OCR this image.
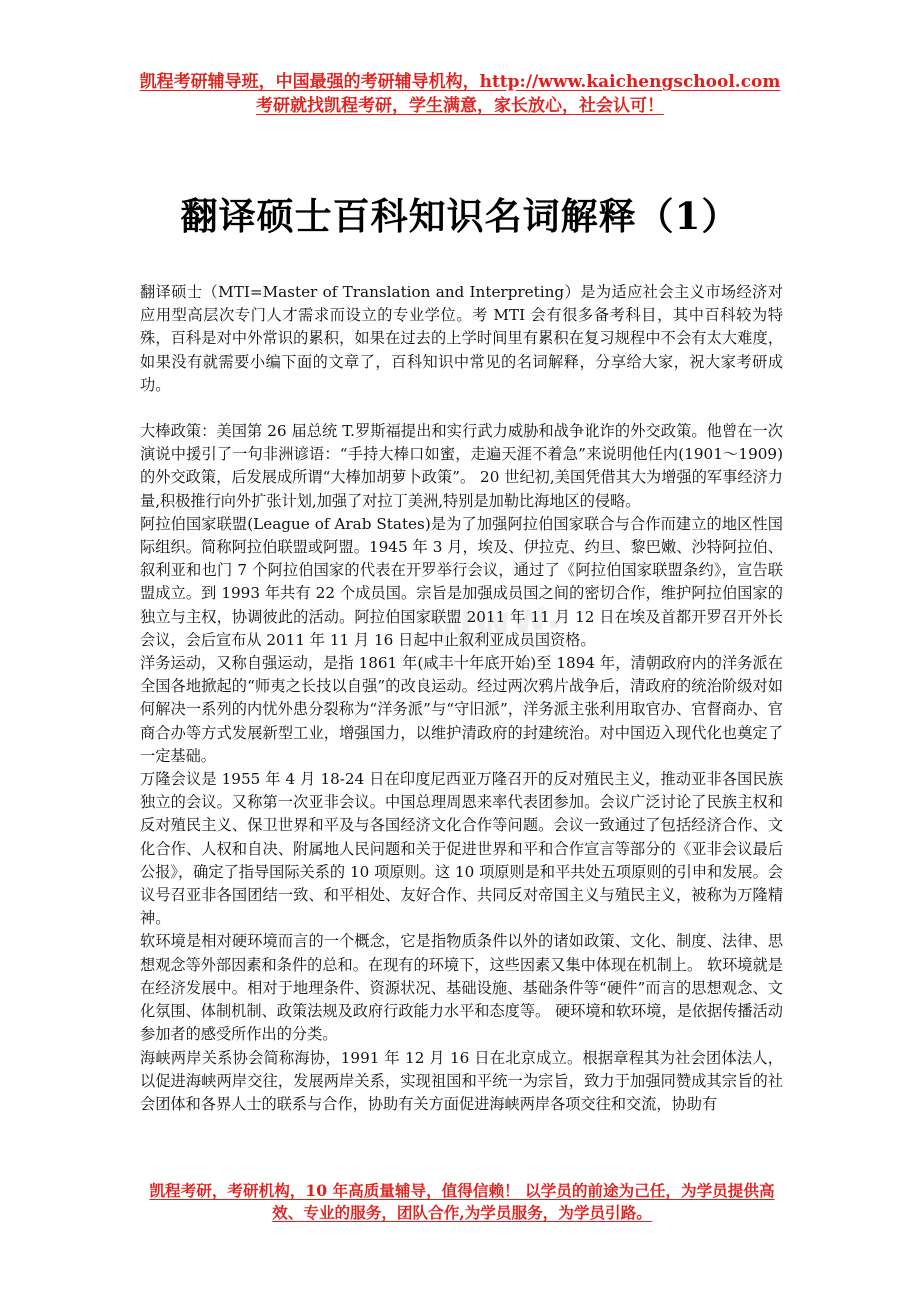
凯程考研辅导班，中国最强的考研辅导机构，http://www.kaichengschool.com
考研就找凯程考研，学生满意，家长放心，社会认可！
翻译硕士百科知识名词解释（1）
Www.

翻译硕士（MTI=Master of Translation and Interpreting）是为适应社会主义市场经济对应用型高层次专门人才需求而设立的专业学位。考 MTI 会有很多备考科目，其中百科较为特殊，百科是对中外常识的累积，如果在过去的上学时间里有累积在复习规程中不会有太大难度，如果没有就需要小编下面的文章了，百科知识中常见的名词解释，分享给大家，祝大家考研成功。

大棒政策：美国第 26 届总统 T.罗斯福提出和实行武力威胁和战争讹诈的外交政策。他曾在一次演说中援引了一句非洲谚语：“手持大棒口如蜜，走遍天涯不着急”来说明他任内(1901～1909)的外交政策，后发展成所谓“大棒加胡萝卜政策”。 20 世纪初,美国凭借其大为增强的军事经济力量,积极推行向外扩张计划,加强了对拉丁美洲,特别是加勒比海地区的侵略。

阿拉伯国家联盟(League of Arab States)是为了加强阿拉伯国家联合与合作而建立的地区性国际组织。简称阿拉伯联盟或阿盟。1945 年 3 月，埃及、伊拉克、约旦、黎巴嫩、沙特阿拉伯、叙利亚和也门 7 个阿拉伯国家的代表在开罗举行会议，通过了《阿拉伯国家联盟条约》，宣告联盟成立。到 1993 年共有 22 个成员国。宗旨是加强成员国之间的密切合作，维护阿拉伯国家的独立与主权，协调彼此的活动。阿拉伯国家联盟 2011 年 11 月 12 日在埃及首都开罗召开外长会议，会后宣布从 2011 年 11 月 16 日起中止叙利亚成员国资格。

洋务运动，又称自强运动，是指 1861 年(咸丰十年底开始)至 1894 年，清朝政府内的洋务派在全国各地掀起的“师夷之长技以自强”的改良运动。经过两次鸦片战争后，清政府的统治阶级对如何解决一系列的内忧外患分裂称为“洋务派”与“守旧派”，洋务派主张利用取官办、官督商办、官商合办等方式发展新型工业，增强国力，以维护清政府的封建统治。对中国迈入现代化也奠定了一定基础。

万隆会议是 1955 年 4 月 18-24 日在印度尼西亚万隆召开的反对殖民主义，推动亚非各国民族独立的会议。又称第一次亚非会议。中国总理周恩来率代表团参加。会议广泛讨论了民族主权和反对殖民主义、保卫世界和平及与各国经济文化合作等问题。会议一致通过了包括经济合作、文化合作、人权和自决、附属地人民问题和关于促进世界和平和合作宣言等部分的《亚非会议最后公报》，确定了指导国际关系的 10 项原则。这 10 项原则是和平共处五项原则的引申和发展。会议号召亚非各国团结一致、和平相处、友好合作、共同反对帝国主义与殖民主义，被称为万隆精神。

软环境是相对硬环境而言的一个概念，它是指物质条件以外的诸如政策、文化、制度、法律、思想观念等外部因素和条件的总和。在现有的环境下，这些因素又集中体现在机制上。 软环境就是在经济发展中。相对于地理条件、资源状况、基础设施、基础条件等“硬件”而言的思想观念、文化氛围、体制机制、政策法规及政府行政能力水平和态度等。 硬环境和软环境，是依据传播活动参加者的感受所作出的分类。

海峡两岸关系协会简称海协，1991 年 12 月 16 日在北京成立。根据章程其为社会团体法人，以促进海峡两岸交往，发展两岸关系，实现祖国和平统一为宗旨，致力于加强同赞成其宗旨的社会团体和各界人士的联系与合作，协助有关方面促进海峡两岸各项交往和交流，协助有

凯程考研，考研机构，10 年高质量辅导，值得信赖！ 以学员的前途为己任，为学员提供高效、专业的服务，团队合作,为学员服务，为学员引路。
